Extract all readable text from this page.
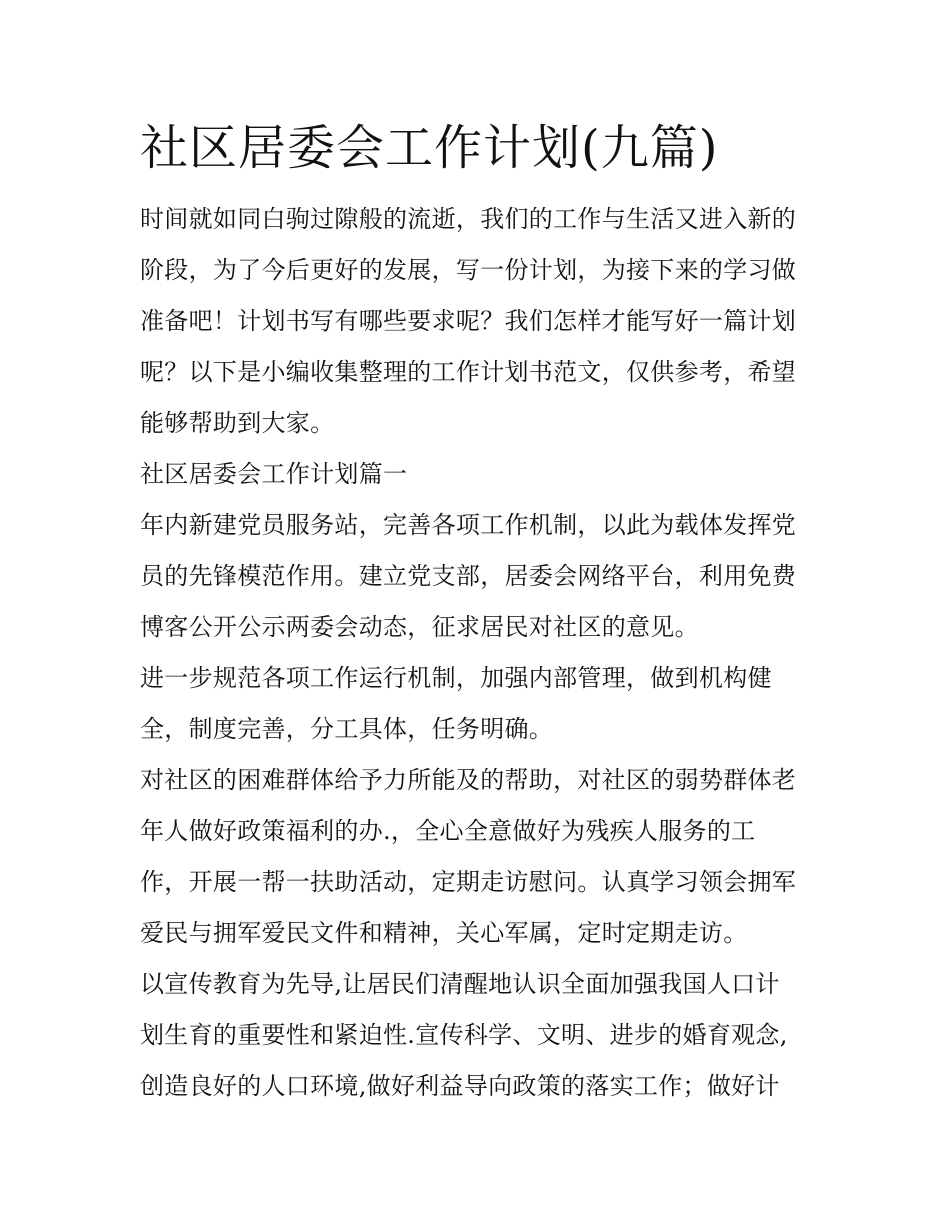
社区居委会工作计划(九篇)
时间就如同白驹过隙般的流逝，我们的工作与生活又进入新的
阶段，为了今后更好的发展，写一份计划，为接下来的学习做
准备吧！计划书写有哪些要求呢？我们怎样才能写好一篇计划
呢？以下是小编收集整理的工作计划书范文，仅供参考，希望
能够帮助到大家。
社区居委会工作计划篇一
年内新建党员服务站，完善各项工作机制，以此为载体发挥党
员的先锋模范作用。建立党支部，居委会网络平台，利用免费
博客公开公示两委会动态，征求居民对社区的意见。
进一步规范各项工作运行机制，加强内部管理，做到机构健
全，制度完善，分工具体，任务明确。
对社区的困难群体给予力所能及的帮助，对社区的弱势群体老
年人做好政策福利的办.，全心全意做好为残疾人服务的工
作，开展一帮一扶助活动，定期走访慰问。认真学习领会拥军
爱民与拥军爱民文件和精神，关心军属，定时定期走访。
以宣传教育为先导,让居民们清醒地认识全面加强我国人口计
划生育的重要性和紧迫性.宣传科学、文明、进步的婚育观念,
创造良好的人口环境,做好利益导向政策的落实工作；做好计
